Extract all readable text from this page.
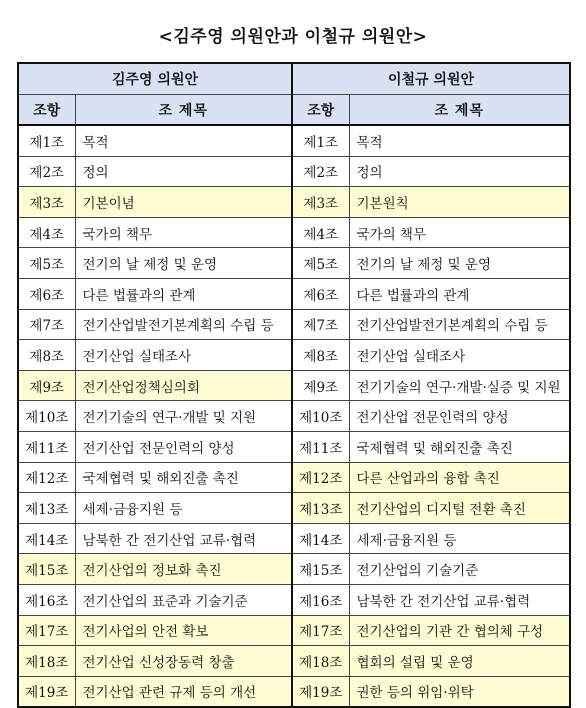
<김주영 의원안과 이철규 의원안>
김주영 의원안		이철규 의원안	
조항	조 제목	조항	조 제목
제1조	목적	제1조	목적
제2조	정의	제2조	정의
제3조	기본이념	제3조	기본원칙
제4조	국가의 책무	제4조	국가의 책무
제5조	전기의 날 제정 및 운영	제5조	전기의 날 제정 및 운영
제6조	다른 법률과의 관계	제6조	다른 법률과의 관계
제7조	전기산업발전기본계획의 수립 등	제7조	전기산업발전기본계획의 수립 등
제8조	전기산업 실태조사	제8조	전기산업 실태조사
제9조	전기산업정책심의회	제9조	전기기술의 연구·개발·실증 및 지원
제10조	전기기술의 연구·개발 및 지원	제10조	전기산업 전문인력의 양성
제11조	전기산업 전문인력의 양성	제11조	국제협력 및 해외진출 촉진
제12조	국제협력 및 해외진출 촉진	제12조	다른 산업과의 융합 촉진
제13조	세제·금융지원 등	제13조	전기산업의 디지털 전환 촉진
제14조	남북한 간 전기산업 교류·협력	제14조	세제·금융지원 등
제15조	전기산업의 정보화 촉진	제15조	전기산업의 기술기준
제16조	전기산업의 표준과 기술기준	제16조	남북한 간 전기산업 교류·협력
제17조	전기사업의 안전 확보	제17조	전기산업의 기관 간 협의체 구성
제18조	전기산업 신성장동력 창출	제18조	협회의 설립 및 운영
제19조	전기산업 관련 규제 등의 개선	제19조	권한 등의 위임·위탁
